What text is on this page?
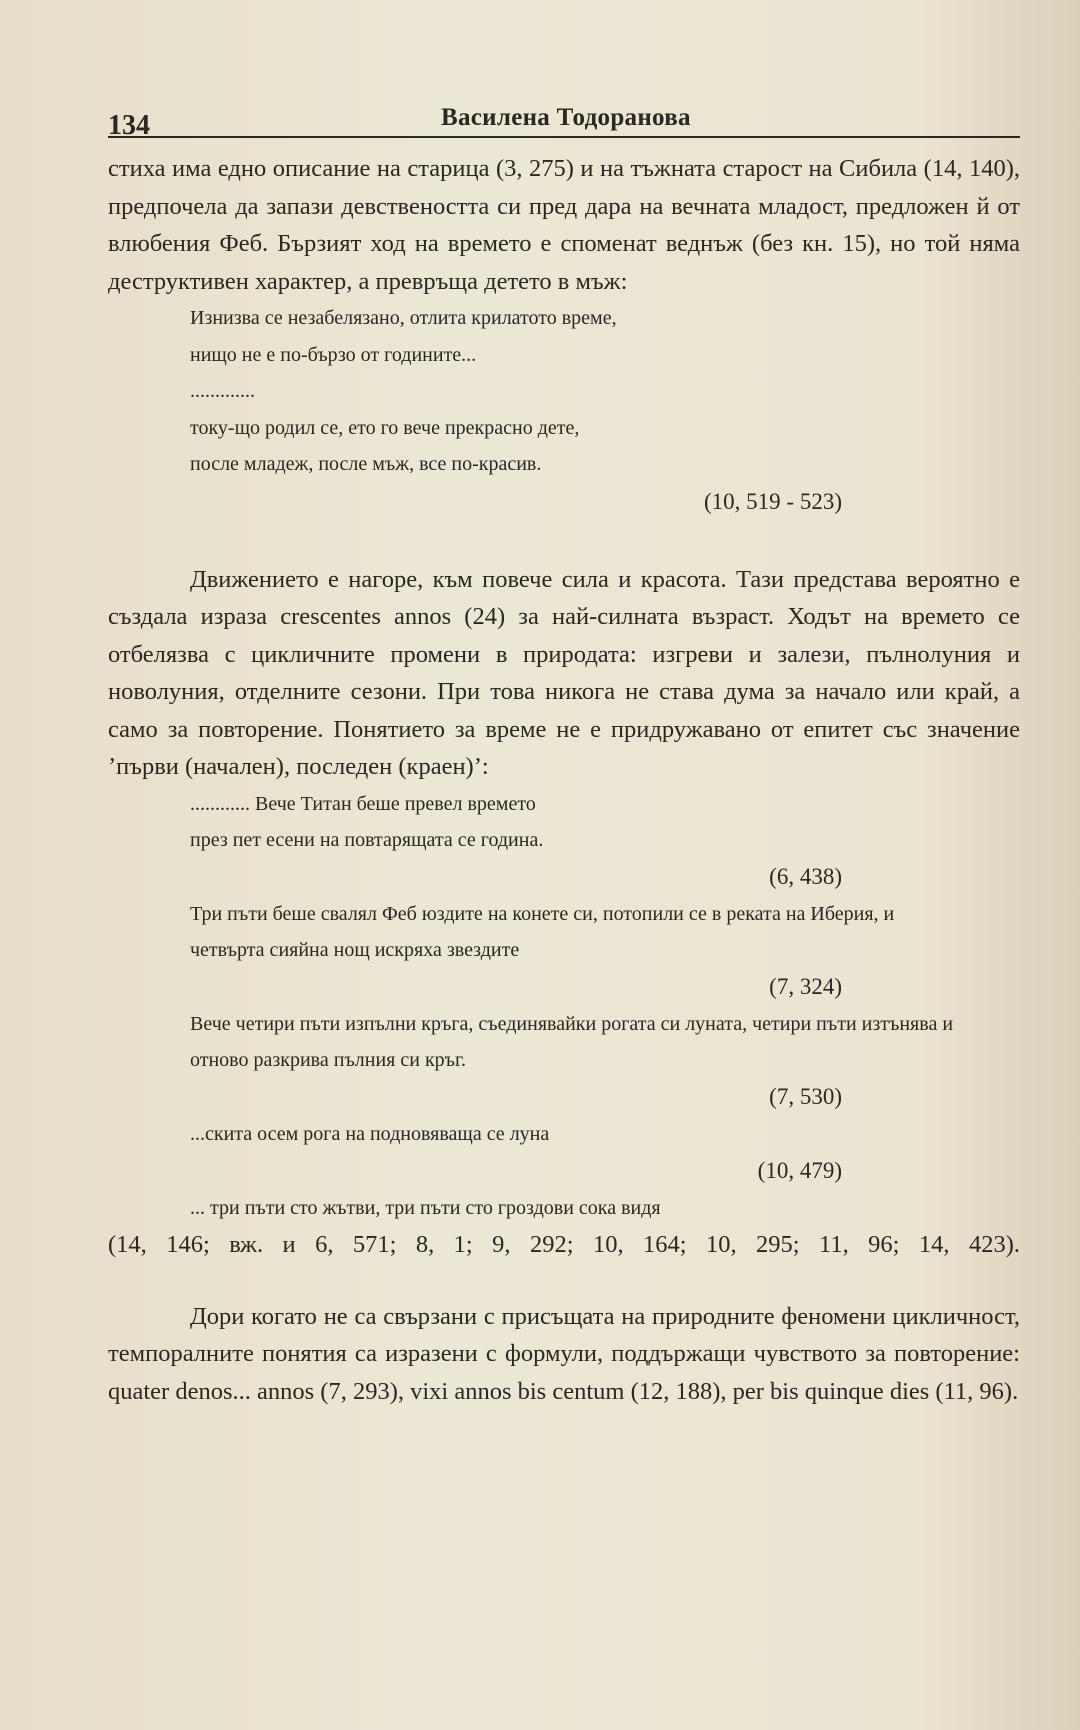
134	Василена Тодоранова

стиха има едно описание на старица (3, 275) и на тъжната старост на Сибила (14, 140), предпочела да запази девствеността си пред дара на вечната младост, предложен й от влюбения Феб. Бързият ход на времето е споменат веднъж (без кн. 15), но той няма деструктивен характер, а превръща детето в мъж:

Изнизва се незабелязано, отлита крилатото време,
нищо не е по-бързо от годините...
.............
току-що родил се, ето го вече прекрасно дете,
после младеж, после мъж, все по-красив.
(10, 519 - 523)

Движението е нагоре, към повече сила и красота. Тази представа вероятно е създала израза crescentes annos (24) за най-силната възраст. Ходът на времето се отбелязва с цикличните промени в природата: изгреви и залези, пълнолуния и новолуния, отделните сезони. При това никога не става дума за начало или край, а само за повторение. Понятието за време не е придружавано от епитет със значение ’първи (начален), последен (краен)’:

............ Вече Титан беше превел времето
през пет есени на повтарящата се година.
(6, 438)
Три пъти беше свалял Феб юздите на конете си, потопили се в реката на Иберия, и четвърта сияйна нощ искряха звездите
(7, 324)
Вече четири пъти изпълни кръга, съединявайки рогата си луната, четири пъти изтънява и отново разкрива пълния си кръг.
(7, 530)
...скита осем рога на подновяваща се луна
(10, 479)
... три пъти сто жътви, три пъти сто гроздови сока видя
(14, 146; вж. и 6, 571; 8, 1; 9, 292; 10, 164; 10, 295; 11, 96; 14, 423).

Дори когато не са свързани с присъщата на природните феномени цикличност, темпоралните понятия са изразени с формули, поддържащи чувството за повторение: quater denos... annos (7, 293), vixi annos bis centum (12, 188), per bis quinque dies (11, 96).
